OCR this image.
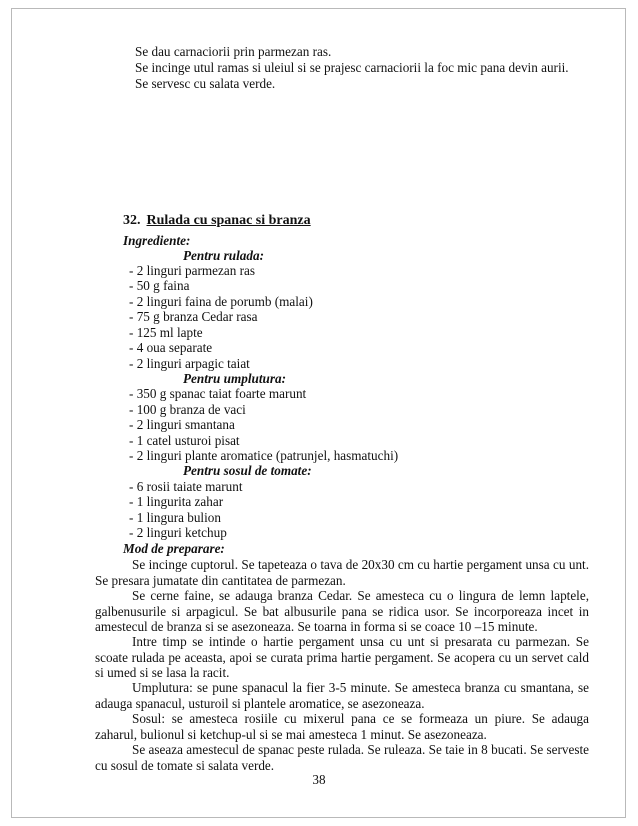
Se dau carnaciorii prin parmezan ras.
Se incinge utul ramas si uleiul si se prajesc carnaciorii la foc mic pana devin aurii.
Se servesc cu salata verde.
32. Rulada cu spanac si branza
Ingrediente:
Pentru rulada:
- 2 linguri parmezan ras
- 50 g faina
- 2 linguri faina de porumb (malai)
- 75 g branza Cedar rasa
- 125 ml lapte
- 4 oua separate
- 2 linguri arpagic taiat
Pentru umplutura:
- 350 g spanac taiat foarte marunt
- 100 g branza de vaci
- 2 linguri smantana
- 1 catel usturoi pisat
- 2 linguri plante aromatice (patrunjel, hasmatuchi)
Pentru sosul de tomate:
- 6 rosii taiate marunt
- 1 lingurita zahar
- 1 lingura bulion
- 2 linguri ketchup
Mod de preparare:
Se incinge cuptorul. Se tapeteaza o tava de 20x30 cm cu hartie pergament unsa cu unt. Se presara jumatate din cantitatea de parmezan.
Se cerne faine, se adauga branza Cedar. Se amesteca cu o lingura de lemn laptele, galbenusurile si arpagicul. Se bat albusurile pana se ridica usor. Se incorporeaza incet in amestecul de branza si se asezoneaza. Se toarna in forma si se coace 10 –15 minute.
Intre timp se intinde o hartie pergament unsa cu unt si presarata cu parmezan. Se scoate rulada pe aceasta, apoi se curata prima hartie pergament. Se acopera cu un servet cald si umed si se lasa la racit.
Umplutura: se pune spanacul la fier 3-5 minute. Se amesteca branza cu smantana, se adauga spanacul, usturoil si plantele aromatice, se asezoneaza.
Sosul: se amesteca rosiile cu mixerul pana ce se formeaza un piure. Se adauga zaharul, bulionul si ketchup-ul si se mai amesteca 1 minut. Se asezoneaza.
Se aseaza amestecul de spanac peste rulada. Se ruleaza. Se taie in 8 bucati. Se serveste cu sosul de tomate si salata verde.
38
